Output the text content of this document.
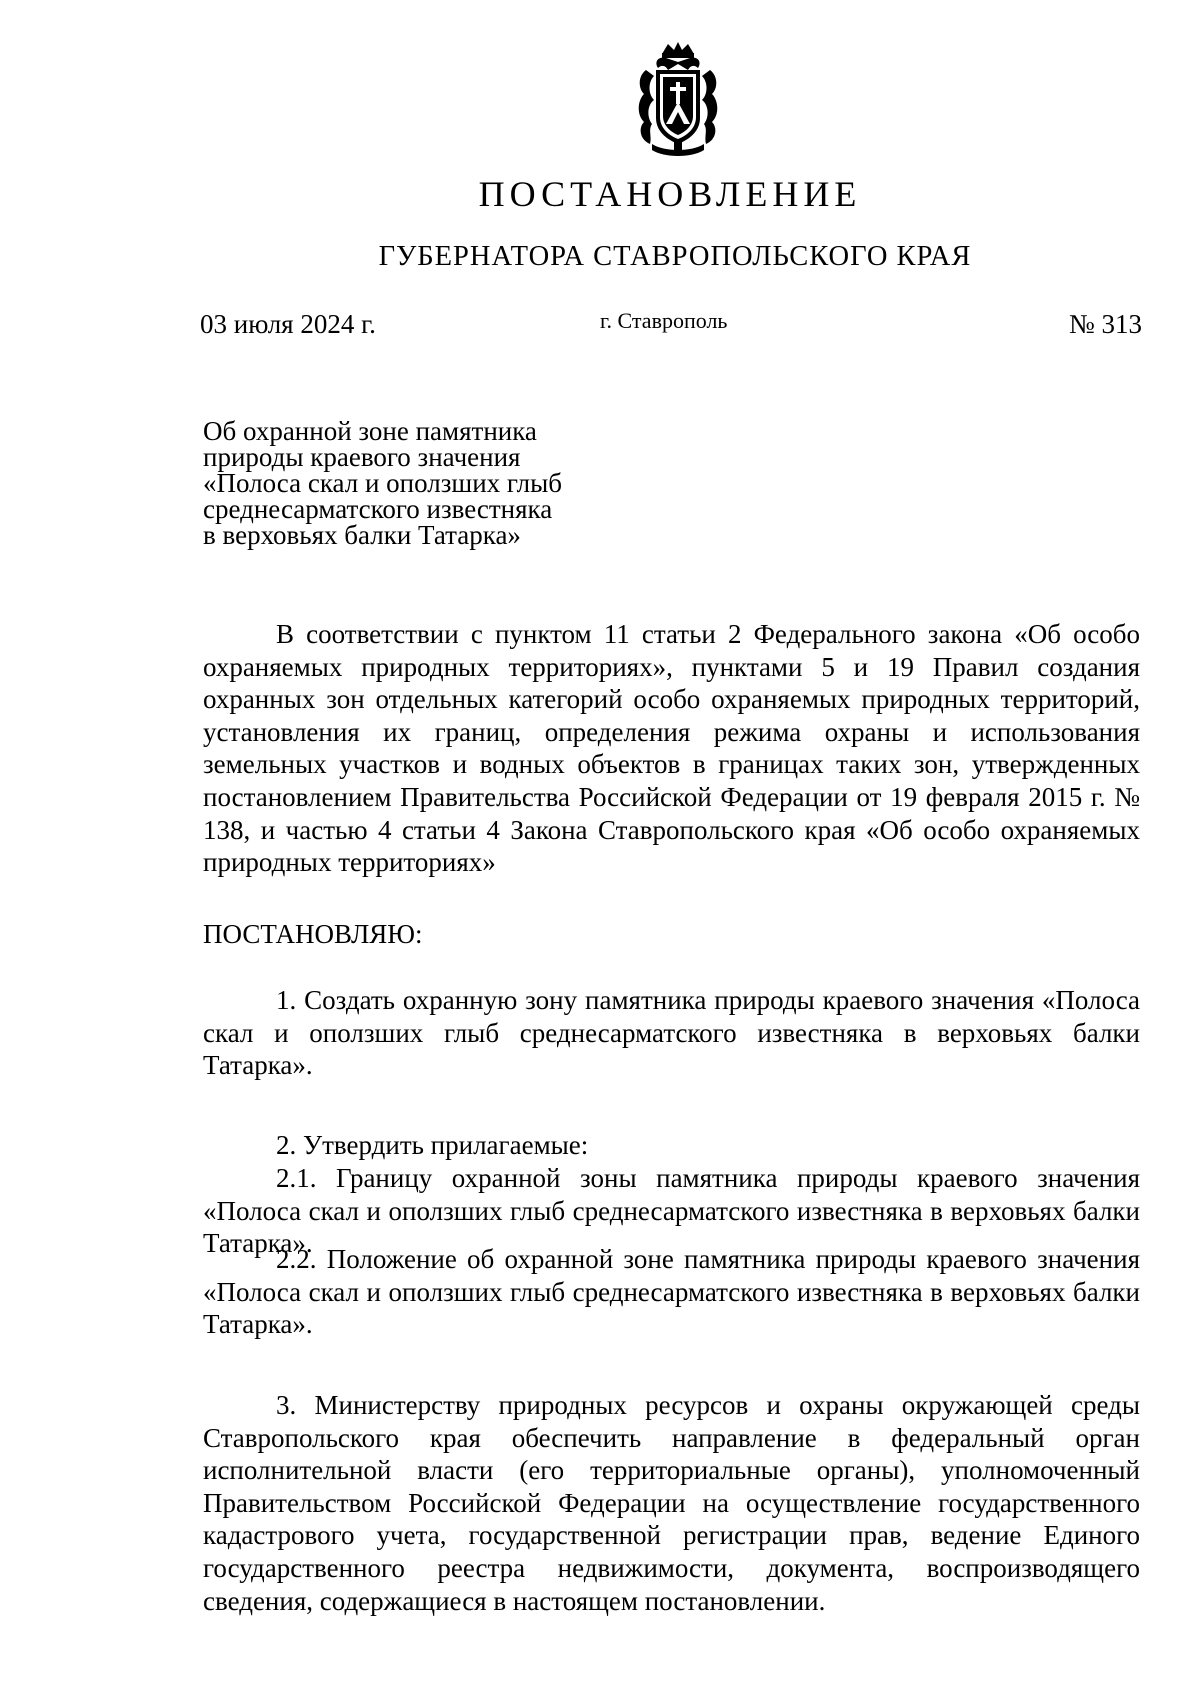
ПОСТАНОВЛЕНИЕ
ГУБЕРНАТОРА СТАВРОПОЛЬСКОГО КРАЯ
03 июля 2024 г.	г. Ставрополь	№ 313
Об охранной зоне памятника
природы краевого значения
«Полоса скал и оползших глыб
среднесарматского известняка
в верховьях балки Татарка»

В соответствии с пунктом 11 статьи 2 Федерального закона «Об особо охраняемых природных территориях», пунктами 5 и 19 Правил создания охранных зон отдельных категорий особо охраняемых природных территорий, установления их границ, определения режима охраны и использования земельных участков и водных объектов в границах таких зон, утвержденных постановлением Правительства Российской Федерации от 19 февраля 2015 г. № 138, и частью 4 статьи 4 Закона Ставропольского края «Об особо охраняемых природных территориях»

ПОСТАНОВЛЯЮ:

1. Создать охранную зону памятника природы краевого значения «Полоса скал и оползших глыб среднесарматского известняка в верховьях балки Татарка».

2. Утвердить прилагаемые:

2.1. Границу охранной зоны памятника природы краевого значения «Полоса скал и оползших глыб среднесарматского известняка в верховьях балки Татарка».

2.2. Положение об охранной зоне памятника природы краевого значения «Полоса скал и оползших глыб среднесарматского известняка в верховьях балки Татарка».

3. Министерству природных ресурсов и охраны окружающей среды Ставропольского края обеспечить направление в федеральный орган исполнительной власти (его территориальные органы), уполномоченный Правительством Российской Федерации на осуществление государственного кадастрового учета, государственной регистрации прав, ведение Единого государственного реестра недвижимости, документа, воспроизводящего сведения, содержащиеся в настоящем постановлении.
